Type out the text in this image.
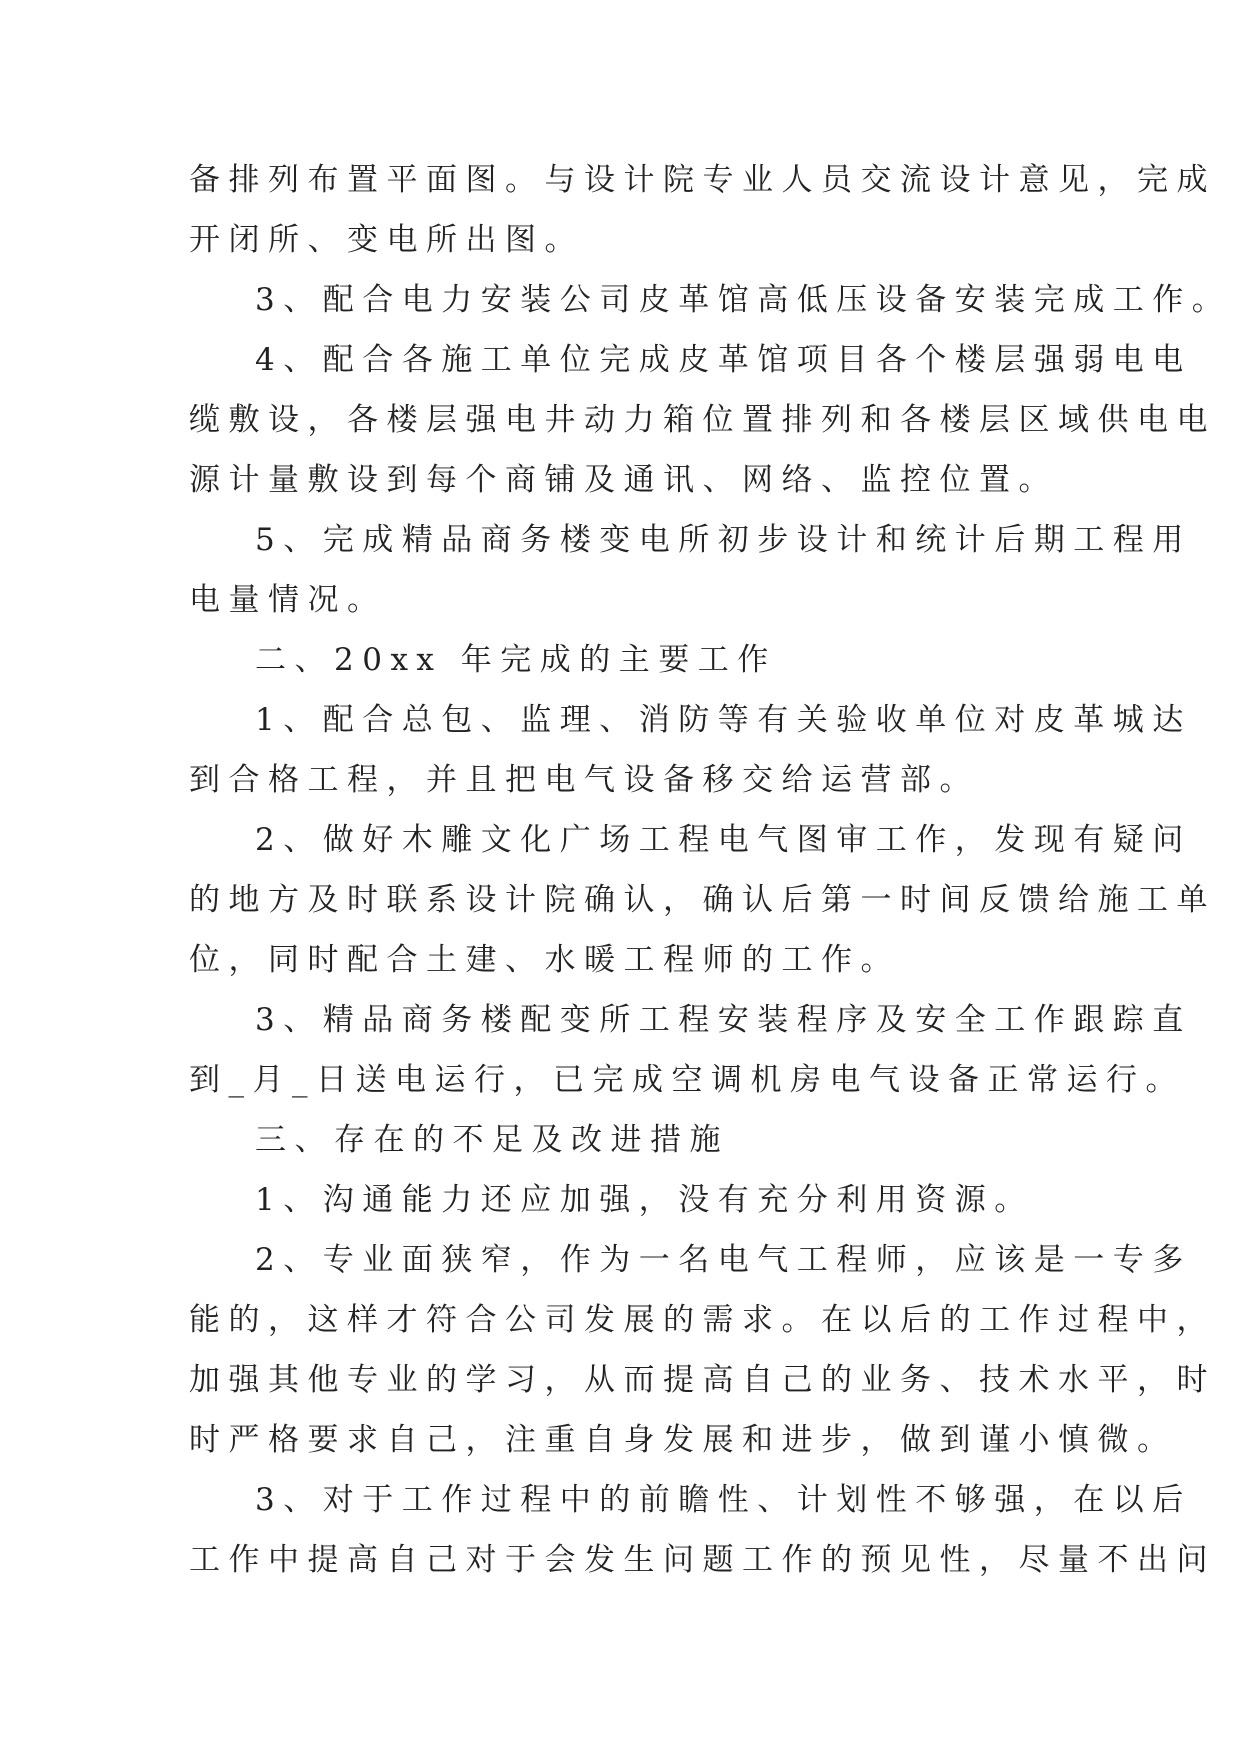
备排列布置平面图。与设计院专业人员交流设计意见，完成
开闭所、变电所出图。

3、配合电力安装公司皮革馆高低压设备安装完成工作。

4、配合各施工单位完成皮革馆项目各个楼层强弱电电
缆敷设，各楼层强电井动力箱位置排列和各楼层区域供电电
源计量敷设到每个商铺及通讯、网络、监控位置。

5、完成精品商务楼变电所初步设计和统计后期工程用
电量情况。

二、20xx 年完成的主要工作

1、配合总包、监理、消防等有关验收单位对皮革城达
到合格工程，并且把电气设备移交给运营部。

2、做好木雕文化广场工程电气图审工作，发现有疑问
的地方及时联系设计院确认，确认后第一时间反馈给施工单
位，同时配合土建、水暖工程师的工作。

3、精品商务楼配变所工程安装程序及安全工作跟踪直
到_月_日送电运行，已完成空调机房电气设备正常运行。

三、存在的不足及改进措施

1、沟通能力还应加强，没有充分利用资源。

2、专业面狭窄，作为一名电气工程师，应该是一专多
能的，这样才符合公司发展的需求。在以后的工作过程中，
加强其他专业的学习，从而提高自己的业务、技术水平，时
时严格要求自己，注重自身发展和进步，做到谨小慎微。

3、对于工作过程中的前瞻性、计划性不够强，在以后
工作中提高自己对于会发生问题工作的预见性，尽量不出问
